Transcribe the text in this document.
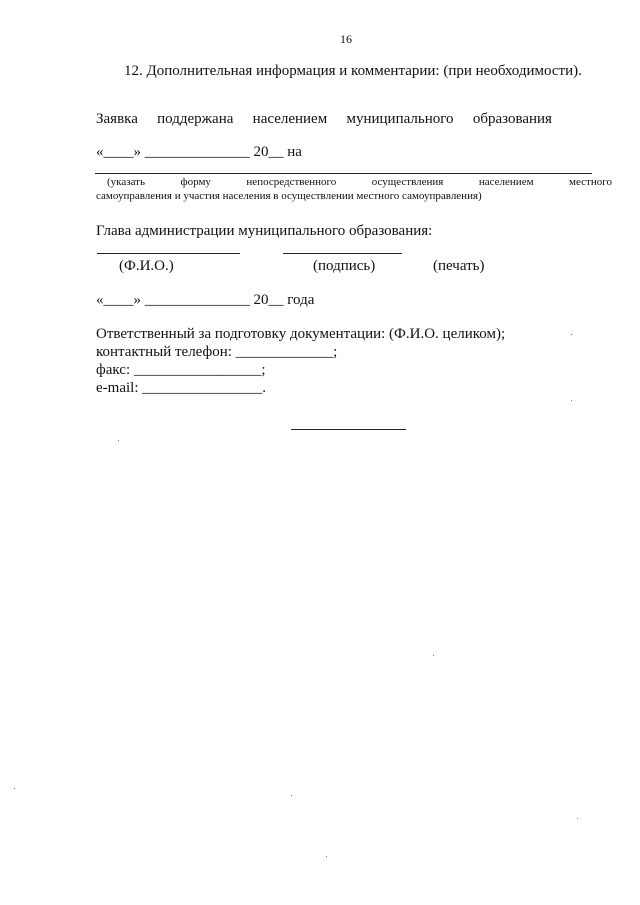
16
12. Дополнительная информация и комментарии: (при необходимости).
Заявка поддержана населением муниципального образования
«____» ______________ 20__ на
(указать	форму	непосредственного	осуществления	населением	местного
самоуправления и участия населения в осуществлении местного самоуправления)
Глава администрации муниципального образования:
(Ф.И.О.)	(подпись)	(печать)
«____» ______________ 20__ года
Ответственный за подготовку документации: (Ф.И.О. целиком);
контактный телефон: _____________;
факс: _________________;
e-mail: ________________.
